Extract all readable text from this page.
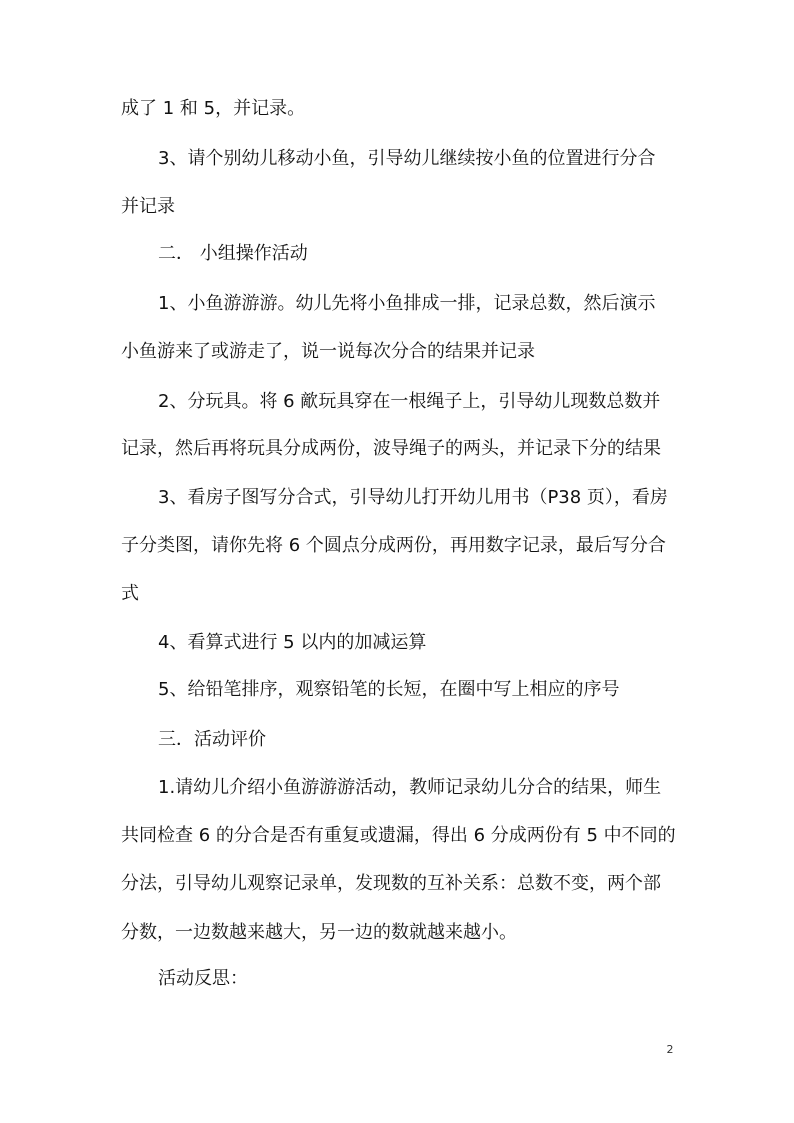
成了 1 和 5，并记录。
3、请个别幼儿移动小鱼，引导幼儿继续按小鱼的位置进行分合
并记录
二． 小组操作活动
1、小鱼游游游。幼儿先将小鱼排成一排，记录总数，然后演示
小鱼游来了或游走了，说一说每次分合的结果并记录
2、分玩具。将 6 歒玩具穿在一根绳子上，引导幼儿现数总数并
记录，然后再将玩具分成两份，波导绳子的两头，并记录下分的结果
3、看房子图写分合式，引导幼儿打开幼儿用书（P38 页），看房
子分类图，请你先将 6 个圆点分成两份，再用数字记录，最后写分合
式
4、看算式进行 5 以内的加减运算
5、给铅笔排序，观察铅笔的长短，在圈中写上相应的序号
三．活动评价
1.请幼儿介绍小鱼游游游活动，教师记录幼儿分合的结果，师生
共同检查 6 的分合是否有重复或遗漏，得出 6 分成两份有 5 中不同的
分法，引导幼儿观察记录单，发现数的互补关系：总数不变，两个部
分数，一边数越来越大，另一边的数就越来越小。
活动反思：
2
